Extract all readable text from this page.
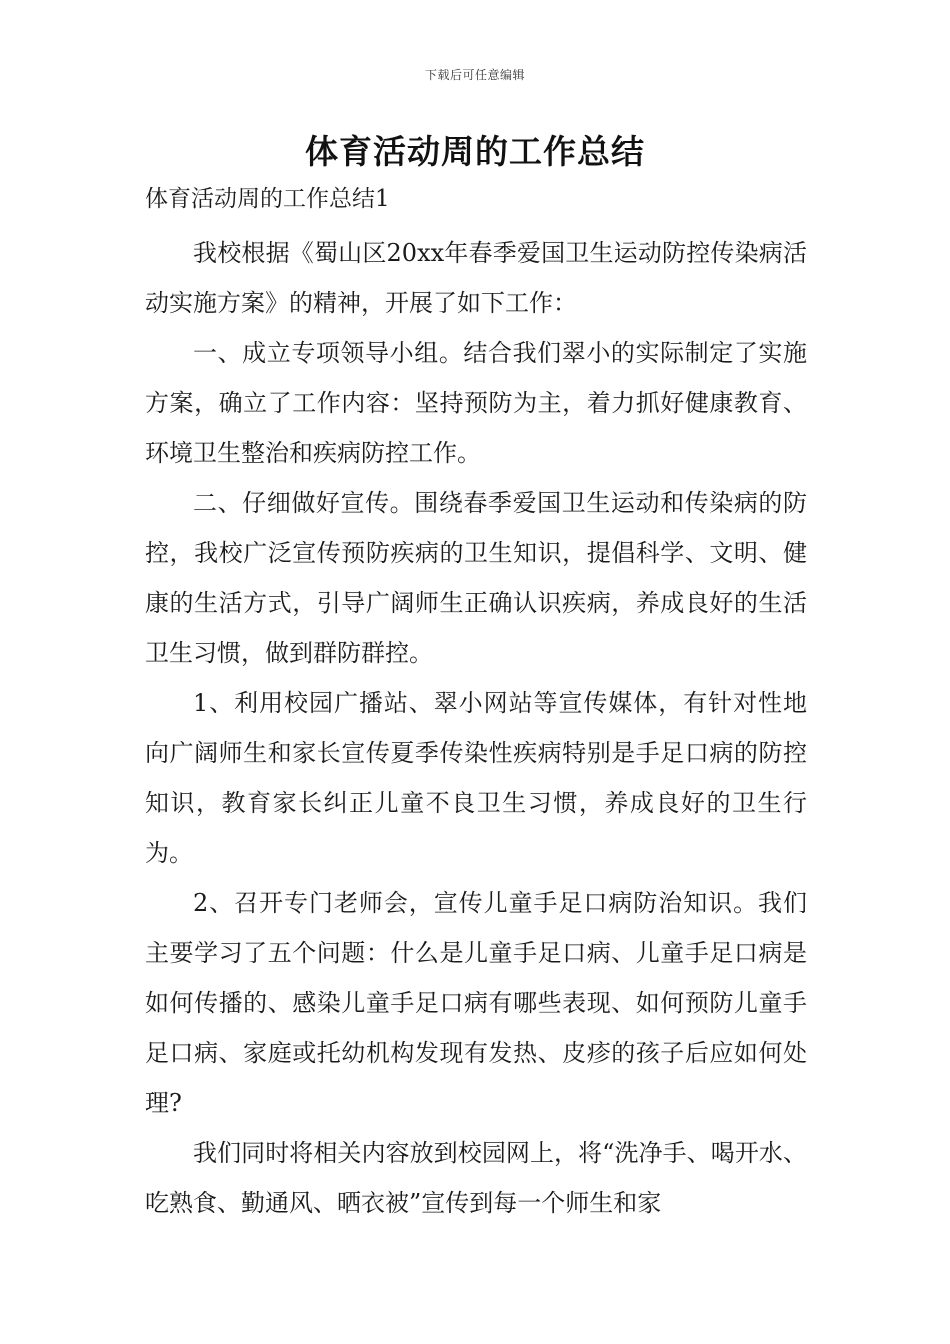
下载后可任意编辑
体育活动周的工作总结

体育活动周的工作总结1

我校根据《蜀山区20xx年春季爱国卫生运动防控传染病活动实施方案》的精神，开展了如下工作：

一、成立专项领导小组。结合我们翠小的实际制定了实施方案，确立了工作内容：坚持预防为主，着力抓好健康教育、环境卫生整治和疾病防控工作。

二、仔细做好宣传。围绕春季爱国卫生运动和传染病的防控，我校广泛宣传预防疾病的卫生知识，提倡科学、文明、健康的生活方式，引导广阔师生正确认识疾病，养成良好的生活卫生习惯，做到群防群控。

1、利用校园广播站、翠小网站等宣传媒体，有针对性地向广阔师生和家长宣传夏季传染性疾病特别是手足口病的防控知识，教育家长纠正儿童不良卫生习惯，养成良好的卫生行为。

2、召开专门老师会，宣传儿童手足口病防治知识。我们主要学习了五个问题：什么是儿童手足口病、儿童手足口病是如何传播的、感染儿童手足口病有哪些表现、如何预防儿童手足口病、家庭或托幼机构发现有发热、皮疹的孩子后应如何处理?

我们同时将相关内容放到校园网上，将“洗净手、喝开水、吃熟食、勤通风、晒衣被”宣传到每一个师生和家
